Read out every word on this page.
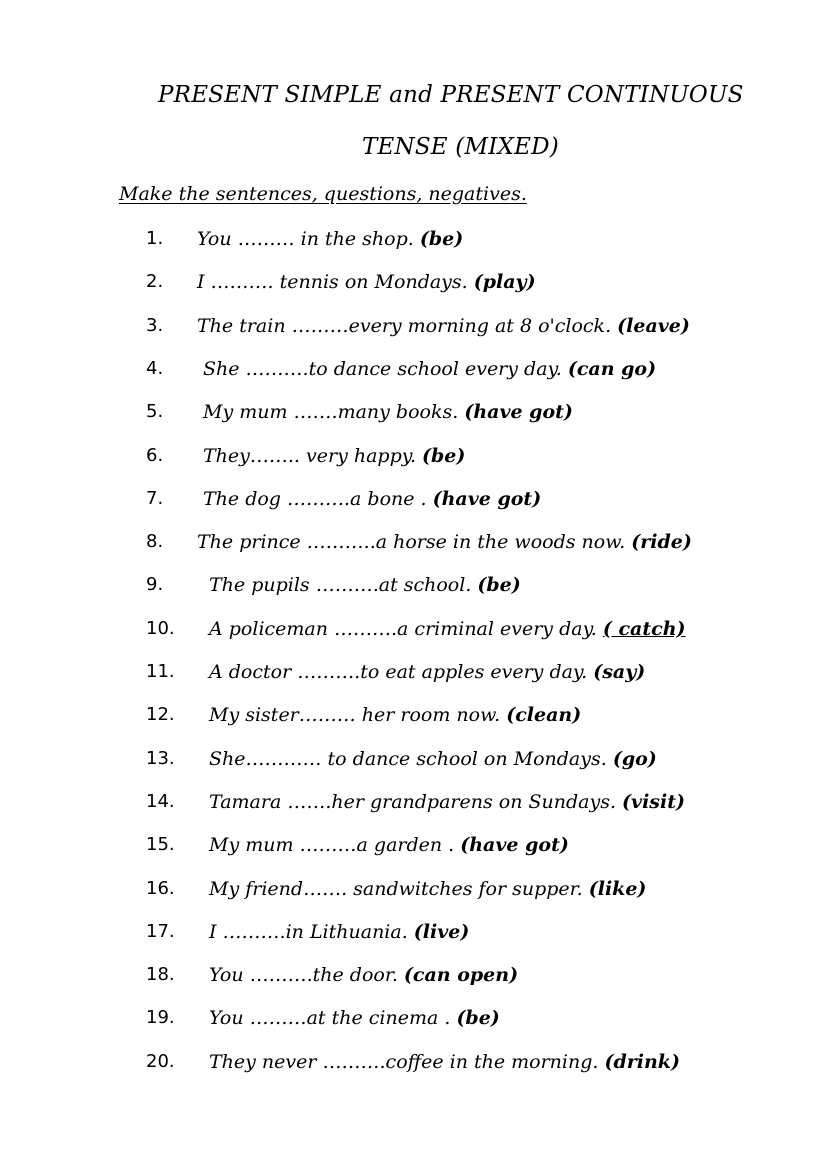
PRESENT SIMPLE and PRESENT CONTINUOUS
TENSE (MIXED)
Make the sentences, questions, negatives.
1. You ……… in the shop. (be)
2. I ………. tennis on Mondays. (play)
3. The train ………every morning at 8 o'clock. (leave)
4. She ……….to dance school every day. (can go)
5. My mum …….many books. (have got)
6. They…….. very happy. (be)
7. The dog ……….a bone . (have got)
8. The prince ………..a horse in the woods now. (ride)
9. The pupils ……….at school. (be)
10. A policeman ……….a criminal every day. ( catch)
11. A doctor ……….to eat apples every day. (say)
12. My sister……… her room now. (clean)
13. She………… to dance school on Mondays. (go)
14. Tamara …….her grandparens on Sundays. (visit)
15. My mum ………a garden . (have got)
16. My friend……. sandwitches for supper. (like)
17. I ……….in Lithuania. (live)
18. You ……….the door. (can open)
19. You ………at the cinema . (be)
20. They never ……….coffee in the morning. (drink)
